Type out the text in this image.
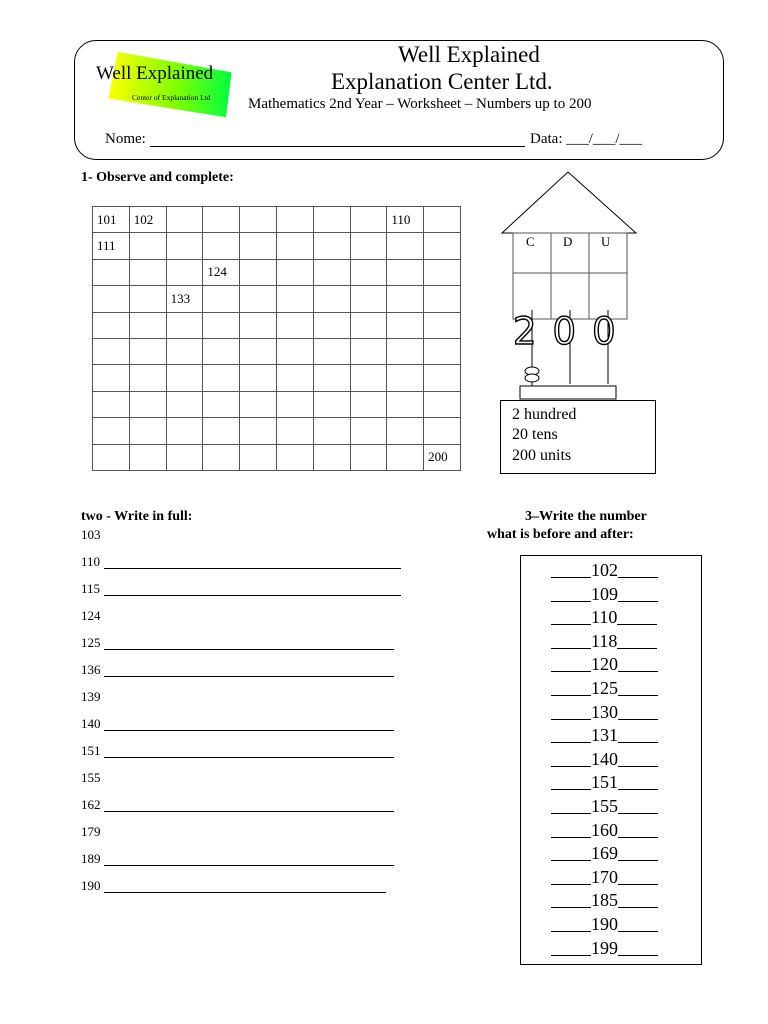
Well Explained
Center of Explanation Ltd
Well Explained
Explanation Center Ltd.
Mathematics 2nd Year – Worksheet – Numbers up to 200
Nome:	Data: ___/___/___
1- Observe and complete:
101	102							110	
111									
			124						
		133							

									200
C D U
200
2 hundred
20 tens
200 units
two - Write in full:
103
110
115
124
125
136
139
140
151
155
162
179
189
190
3–Write the number
what is before and after:
102
109
110
118
120
125
130
131
140
151
155
160
169
170
185
190
199
